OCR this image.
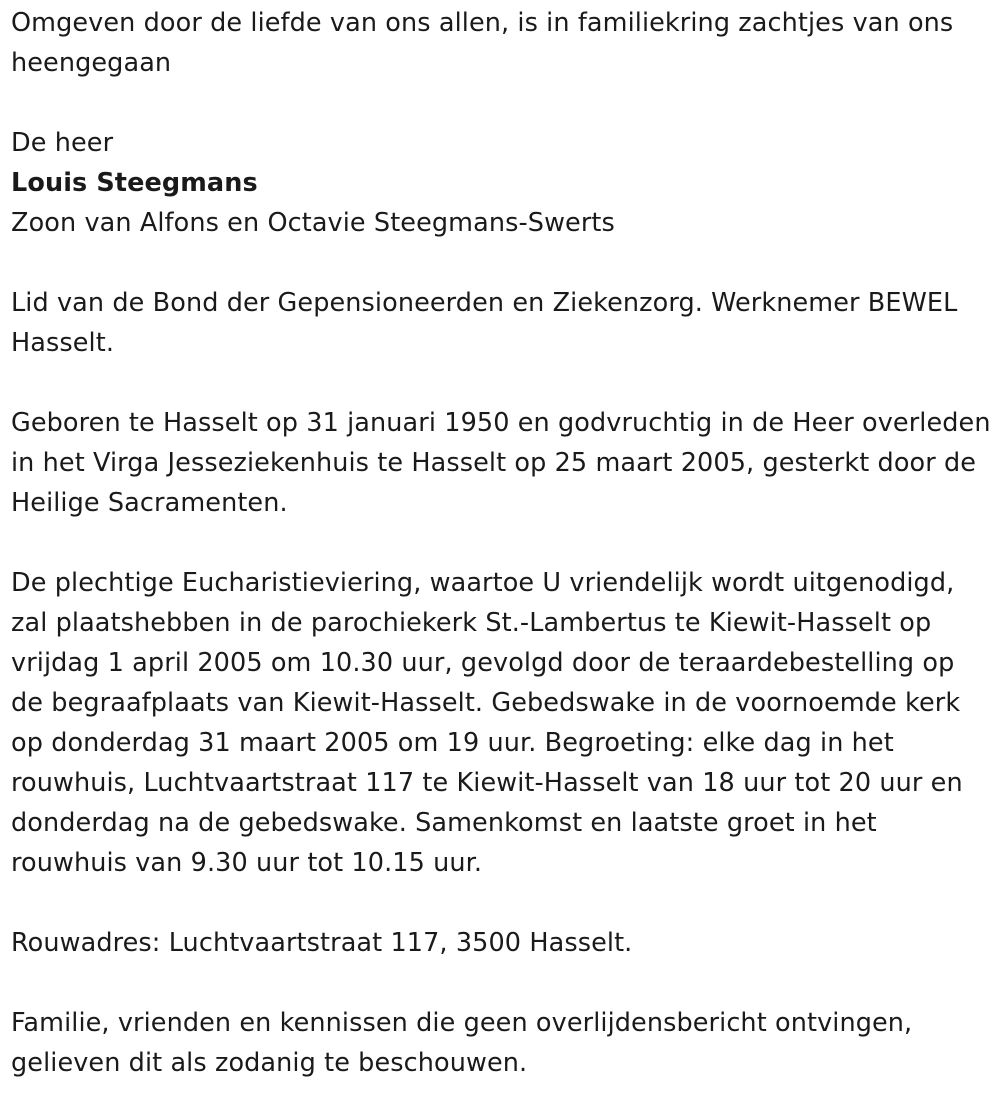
Omgeven door de liefde van ons allen, is in familiekring zachtjes van ons heengegaan

De heer

Louis Steegmans

Zoon van Alfons en Octavie Steegmans-Swerts

Lid van de Bond der Gepensioneerden en Ziekenzorg. Werknemer BEWEL Hasselt.

Geboren te Hasselt op 31 januari 1950 en godvruchtig in de Heer overleden in het Virga Jesseziekenhuis te Hasselt op 25 maart 2005, gesterkt door de Heilige Sacramenten.

De plechtige Eucharistieviering, waartoe U vriendelijk wordt uitgenodigd, zal plaatshebben in de parochiekerk St.-Lambertus te Kiewit-Hasselt op vrijdag 1 april 2005 om 10.30 uur, gevolgd door de teraardebestelling op de begraafplaats van Kiewit-Hasselt. Gebedswake in de voornoemde kerk op donderdag 31 maart 2005 om 19 uur. Begroeting: elke dag in het rouwhuis, Luchtvaartstraat 117 te Kiewit-Hasselt van 18 uur tot 20 uur en donderdag na de gebedswake. Samenkomst en laatste groet in het rouwhuis van 9.30 uur tot 10.15 uur.

Rouwadres: Luchtvaartstraat 117, 3500 Hasselt.

Familie, vrienden en kennissen die geen overlijdensbericht ontvingen, gelieven dit als zodanig te beschouwen.
